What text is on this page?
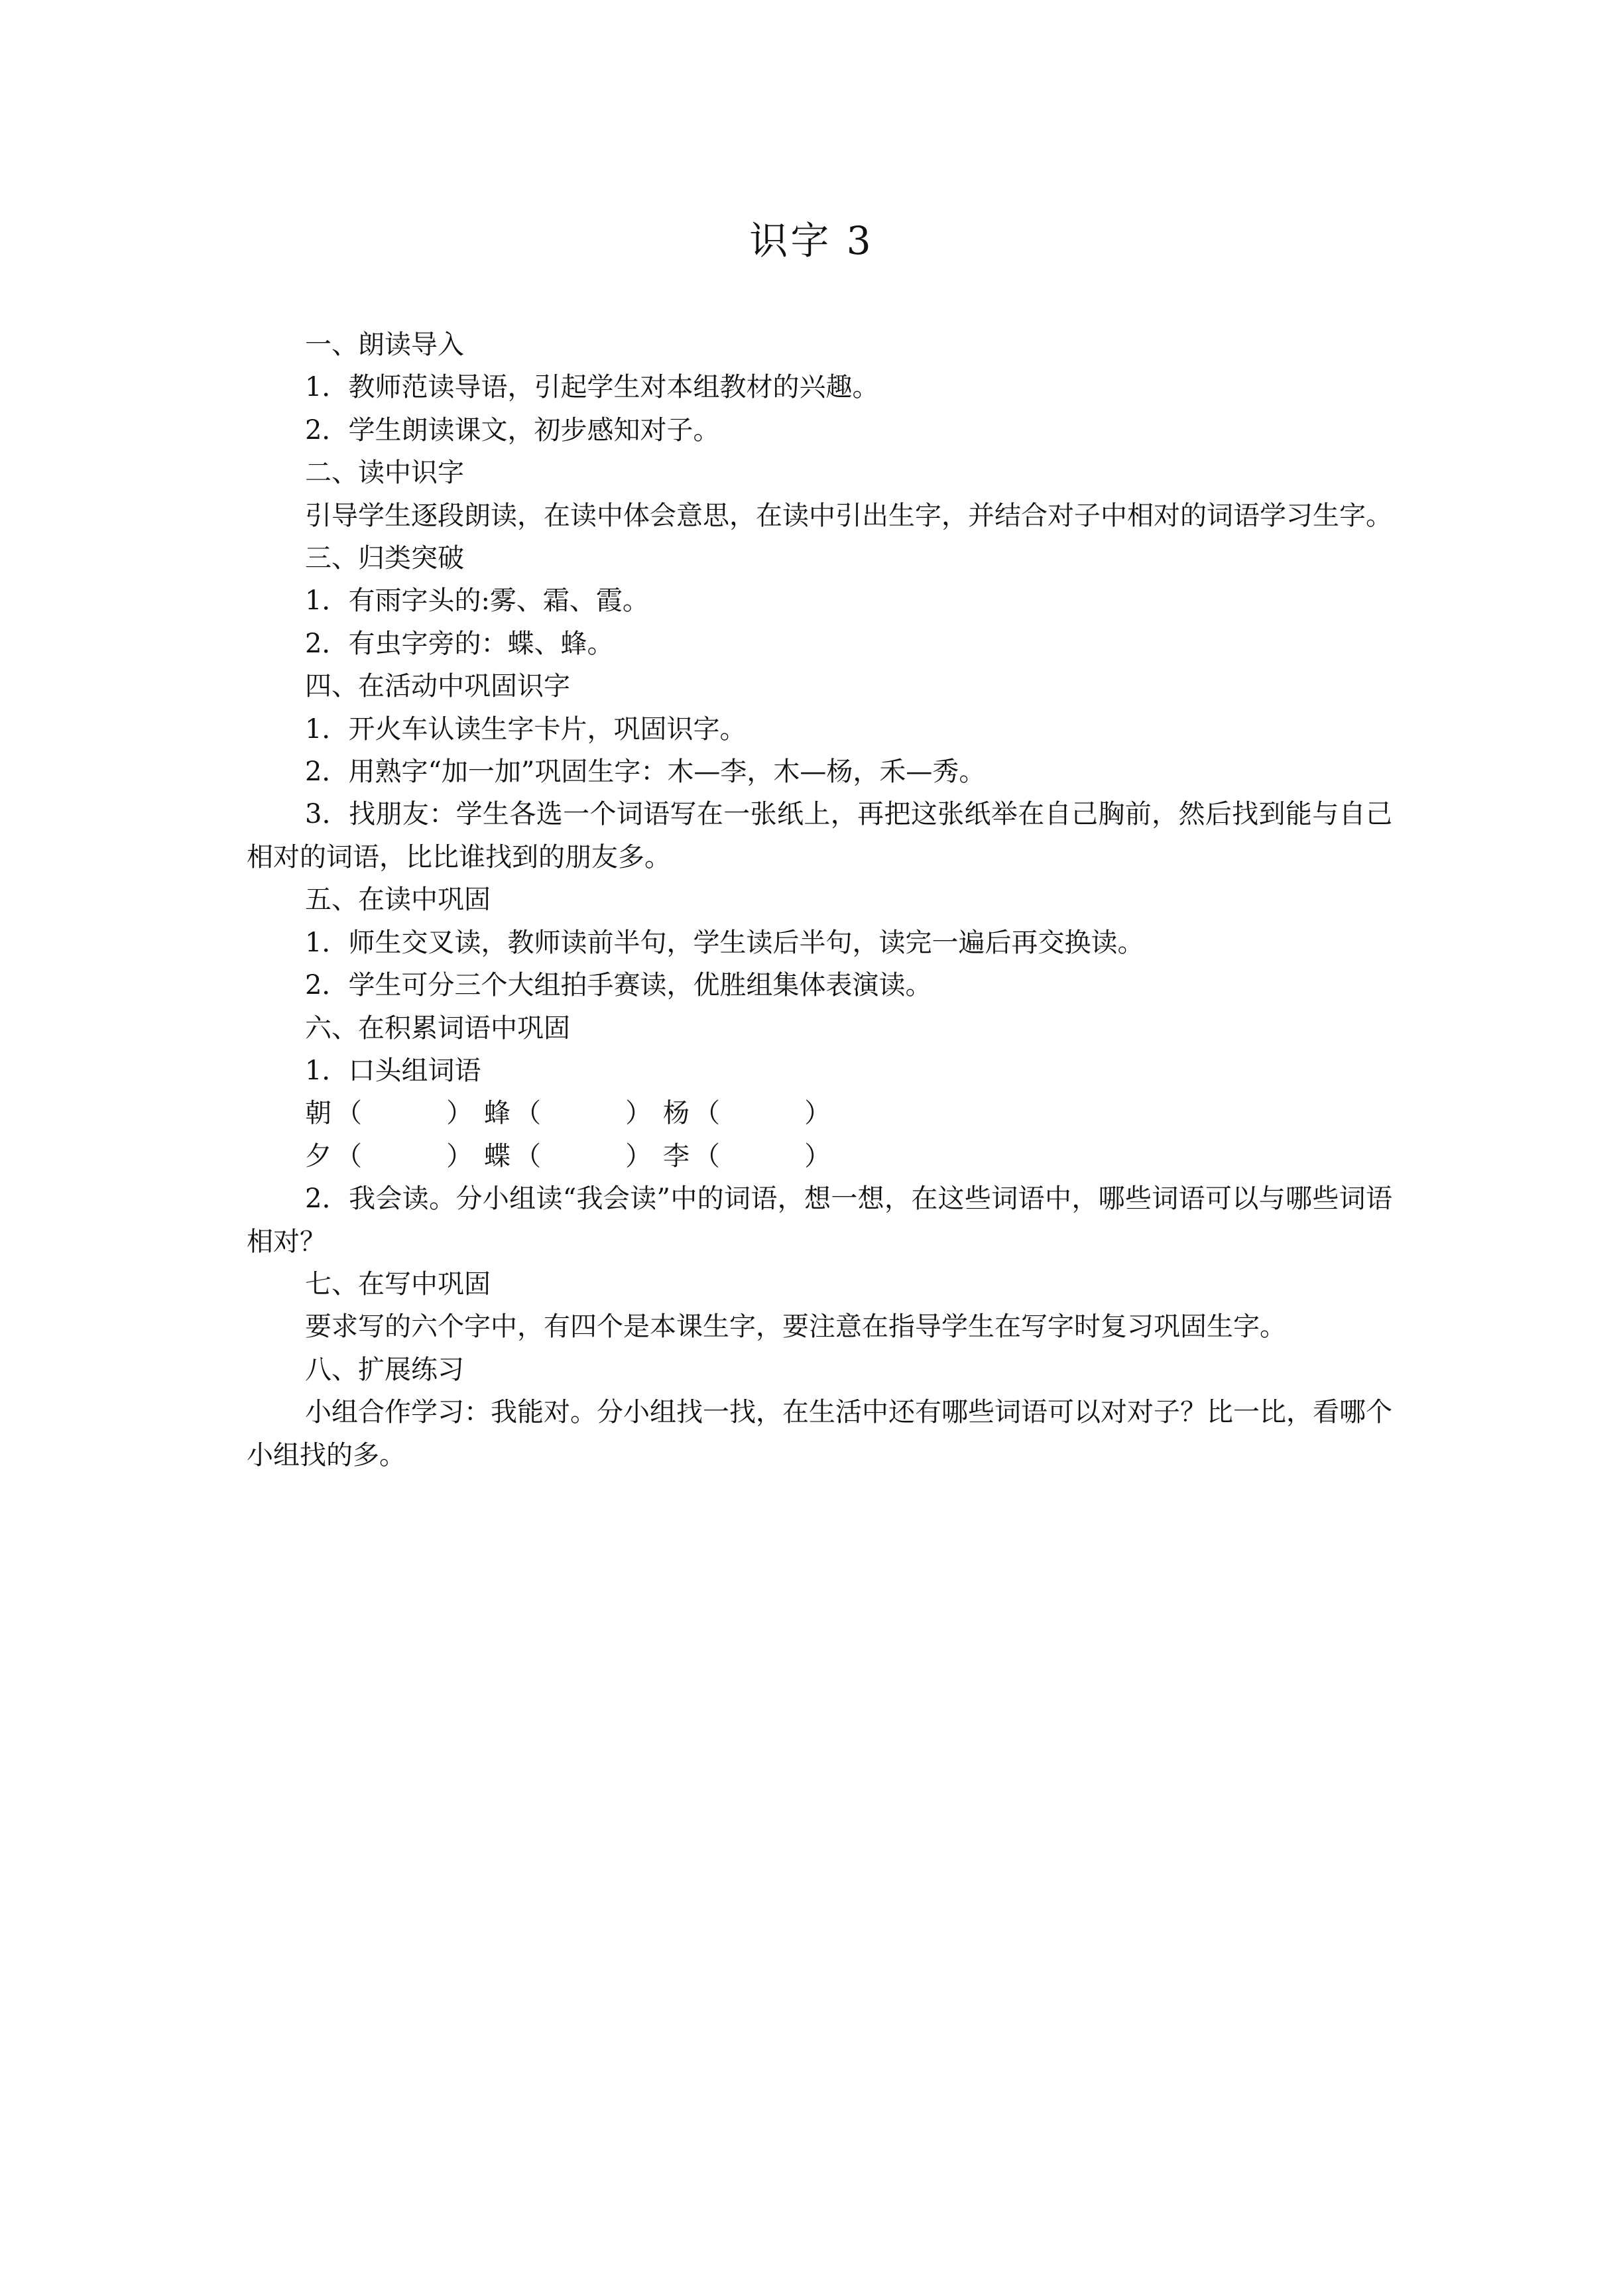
识字 3

一、朗读导入

1．教师范读导语，引起学生对本组教材的兴趣。

2．学生朗读课文，初步感知对子。

二、读中识字

引导学生逐段朗读，在读中体会意思，在读中引出生字，并结合对子中相对的词语学习生字。

三、归类突破

1．有雨字头的:雾、霜、霞。

2．有虫字旁的：蝶、蜂。

四、在活动中巩固识字

1．开火车认读生字卡片，巩固识字。

2．用熟字“加一加”巩固生字：木—李，木—杨，禾—秀。

3．找朋友：学生各选一个词语写在一张纸上，再把这张纸举在自己胸前，然后找到能与自己相对的词语，比比谁找到的朋友多。

五、在读中巩固

1．师生交叉读，教师读前半句，学生读后半句，读完一遍后再交换读。

2．学生可分三个大组拍手赛读，优胜组集体表演读。

六、在积累词语中巩固

1．口头组词语

朝 （          ） 蜂 （          ） 杨 （          ）
夕 （          ） 蝶 （          ） 李 （          ）

2．我会读。分小组读“我会读”中的词语，想一想，在这些词语中，哪些词语可以与哪些词语相对？

七、在写中巩固

要求写的六个字中，有四个是本课生字，要注意在指导学生在写字时复习巩固生字。

八、扩展练习

小组合作学习：我能对。分小组找一找，在生活中还有哪些词语可以对对子？比一比，看哪个小组找的多。
